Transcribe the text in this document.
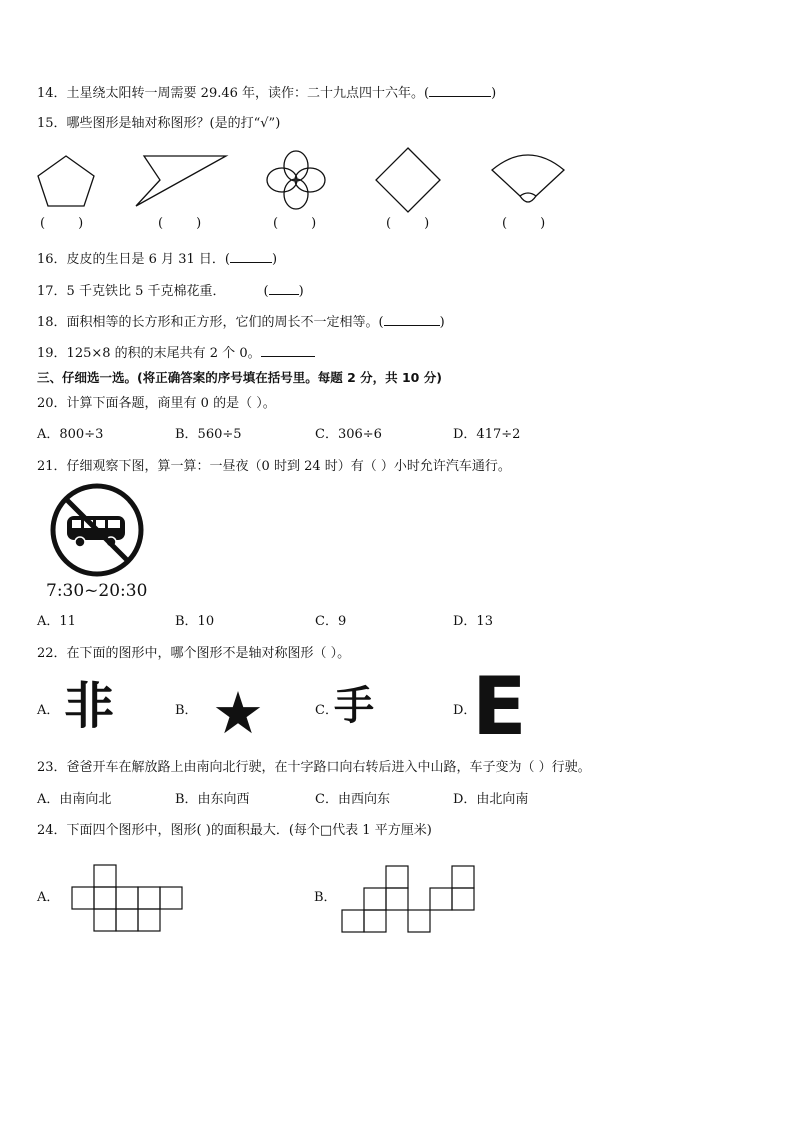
14．土星绕太阳转一周需要 29.46 年，读作：二十九点四十六年。(	)
15．哪些图形是轴对称图形？(是的打“√”)
(        )	(        )	(        )	(        )	(        )
16．皮皮的生日是 6 月 31 日．(	)
17．5 千克铁比 5 千克棉花重．	( )
18．面积相等的长方形和正方形，它们的周长不一定相等。(	)
19．125×8 的积的末尾共有 2 个 0。
三、仔细选一选。(将正确答案的序号填在括号里。每题 2 分，共 10 分)
20．计算下面各题，商里有 0 的是（ ）。
A．800÷3	B．560÷5	C．306÷6	D．417÷2
21．仔细观察下图，算一算：一昼夜（0 时到 24 时）有（ ）小时允许汽车通行。
7:30~20:30
A．11	B．10	C．9	D．13
22．在下面的图形中，哪个图形不是轴对称图形（ ）。
A． 非	B． ★	C．
手	D．
E
23．爸爸开车在解放路上由南向北行驶，在十字路口向右转后进入中山路，车子变为（ ）行驶。
A．由南向北	B．由东向西	C．由西向东	D．由北向南
24．下面四个图形中，图形( )的面积最大．(每个□代表 1 平方厘米)
A．	B．
